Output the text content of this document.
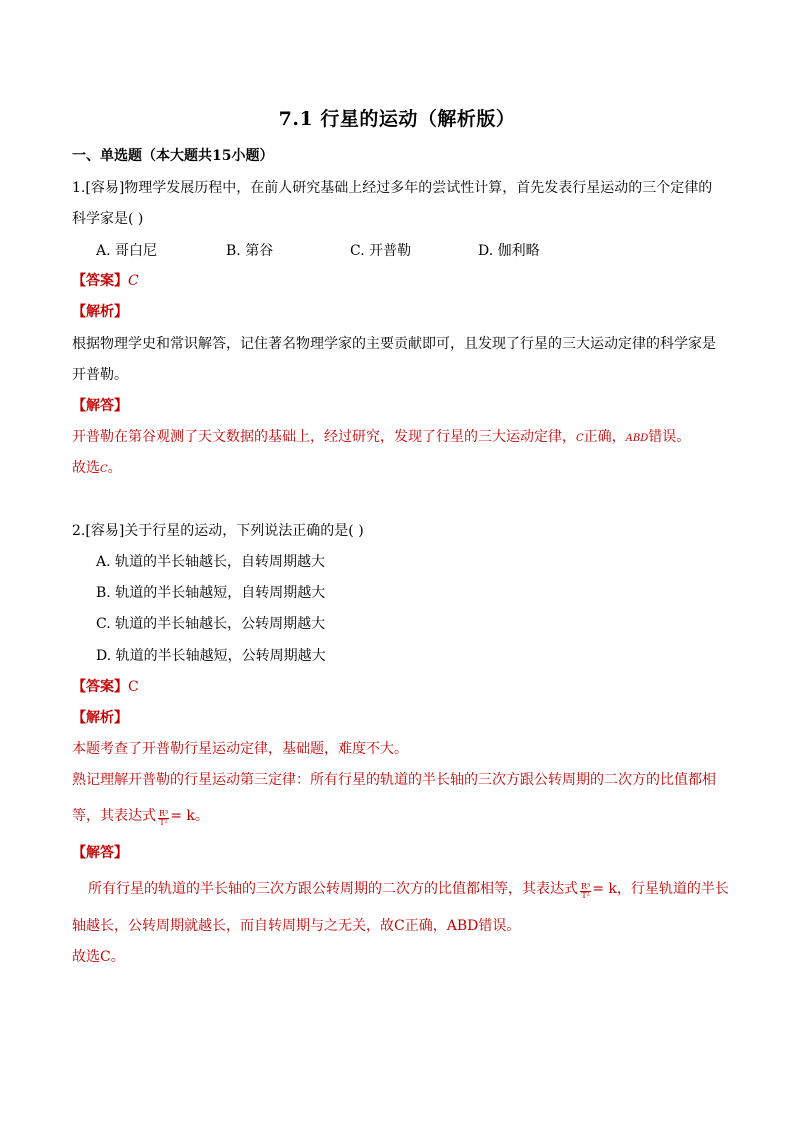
7.1 行星的运动（解析版）
一、单选题（本大题共15小题）
1.[容易]物理学发展历程中，在前人研究基础上经过多年的尝试性计算，首先发表行星运动的三个定律的
科学家是( )
A. 哥白尼	B. 第谷	C. 开普勒	D. 伽利略
【答案】C
【解析】
根据物理学史和常识解答，记住著名物理学家的主要贡献即可，且发现了行星的三大运动定律的科学家是
开普勒。
【解答】
开普勒在第谷观测了天文数据的基础上，经过研究，发现了行星的三大运动定律，C正确，ABD错误。
故选C。
2.[容易]关于行星的运动，下列说法正确的是( )
A. 轨道的半长轴越长，自转周期越大
B. 轨道的半长轴越短，自转周期越大
C. 轨道的半长轴越长，公转周期越大
D. 轨道的半长轴越短，公转周期越大
【答案】C
【解析】
本题考查了开普勒行星运动定律，基础题，难度不大。
熟记理解开普勒的行星运动第三定律：所有行星的轨道的半长轴的三次方跟公转周期的二次方的比值都相
等，其表达式 $\frac{\text{R³}}{\text{T²}} = k$。
【解答】
所有行星的轨道的半长轴的三次方跟公转周期的二次方的比值都相等，其表达式 $\frac{\text{R³}}{\text{T²}} = k$，行星轨道的半长
轴越长，公转周期就越长，而自转周期与之无关，故C正确，ABD错误。
故选C。
